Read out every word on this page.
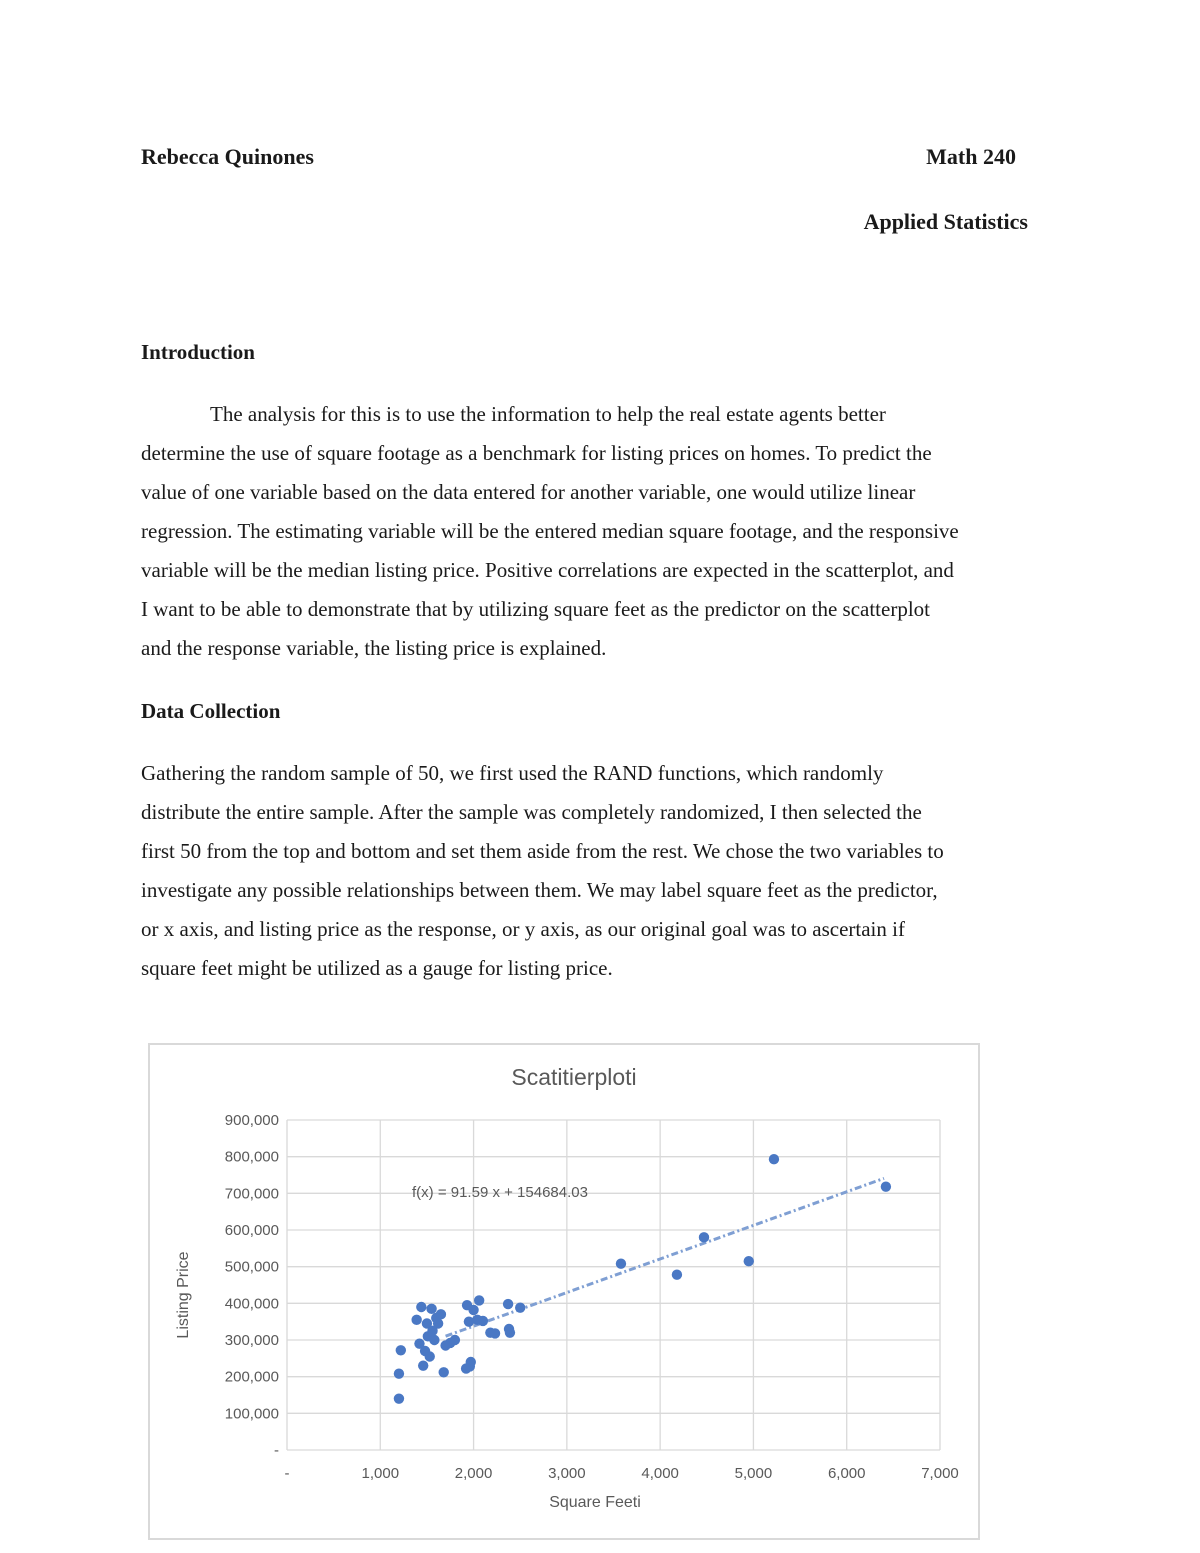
Rebecca Quinones	Math 240
Applied Statistics
Introduction
The analysis for this is to use the information to help the real estate agents better
determine the use of square footage as a benchmark for listing prices on homes. To predict the
value of one variable based on the data entered for another variable, one would utilize linear
regression. The estimating variable will be the entered median square footage, and the responsive
variable will be the median listing price. Positive correlations are expected in the scatterplot, and
I want to be able to demonstrate that by utilizing square feet as the predictor on the scatterplot
and the response variable, the listing price is explained.
Data Collection
Gathering the random sample of 50, we first used the RAND functions, which randomly
distribute the entire sample. After the sample was completely randomized, I then selected the
first 50 from the top and bottom and set them aside from the rest. We chose the two variables to
investigate any possible relationships between them. We may label square feet as the predictor,
or x axis, and listing price as the response, or y axis, as our original goal was to ascertain if
square feet might be utilized as a gauge for listing price.
-	1,000	2,000	3,000	4,000	5,000	6,000	7,000
-
100,000
200,000
300,000
400,000
500,000
600,000
700,000
800,000
900,000
Scatitierploti
Square Feeti
Listing Price
f(x) = 91.59 x + 154684.03
